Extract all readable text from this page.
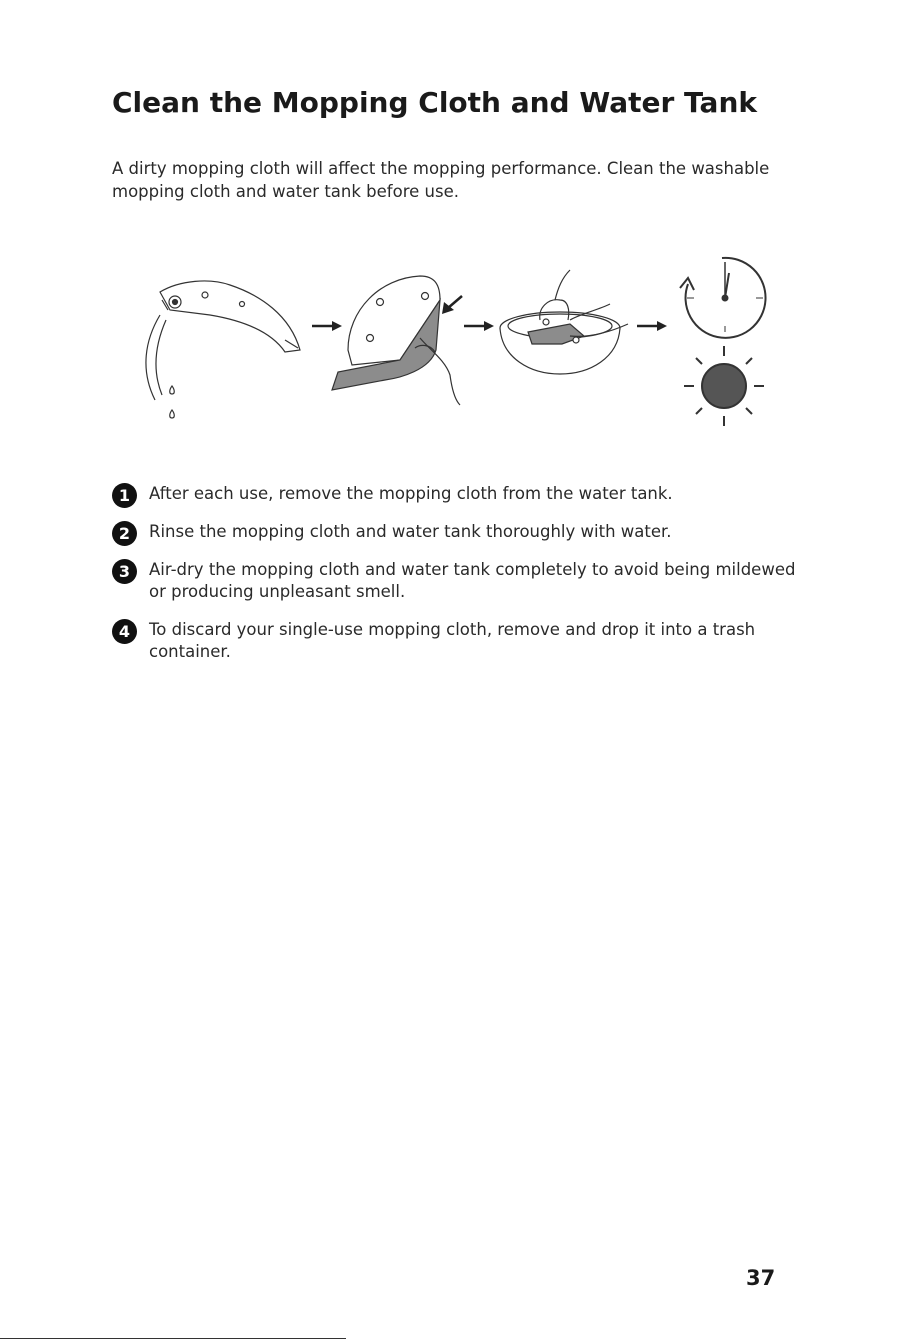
Clean the Mopping Cloth and Water Tank

A dirty mopping cloth will affect the mopping performance. Clean the washable mopping cloth and water tank before use.

1	After each use, remove the mopping cloth from the water tank.
2	Rinse the mopping cloth and water tank thoroughly with water.
3	Air-dry the mopping cloth and water tank completely to avoid being mildewed or producing unpleasant smell.
4	To discard your single-use mopping cloth, remove and drop it into a trash container.
37
